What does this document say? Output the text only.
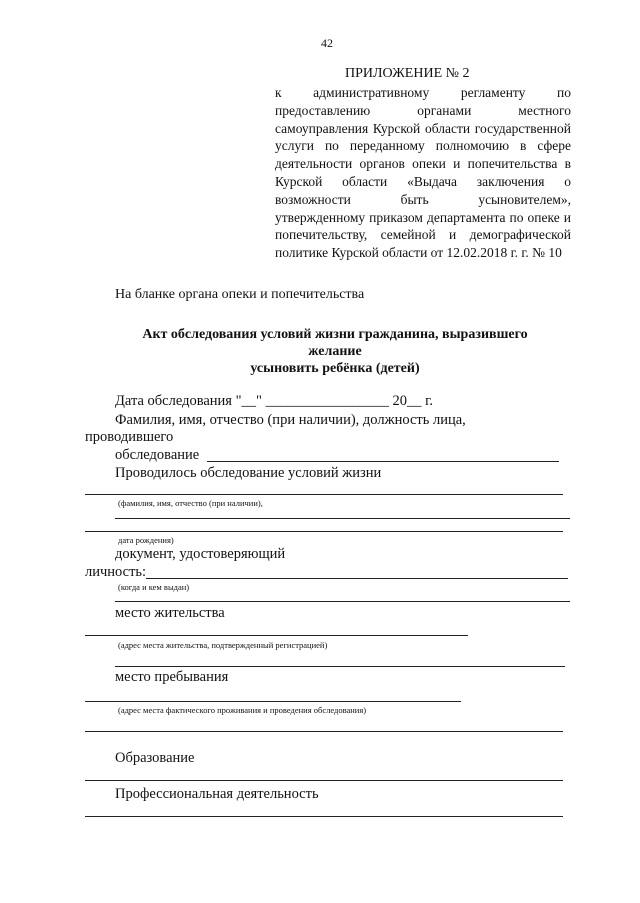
42
ПРИЛОЖЕНИЕ № 2
к административному регламенту по предоставлению органами местного самоуправления Курской области государственной услуги по переданному полномочию в сфере деятельности органов опеки и попечительства в Курской области «Выдача заключения о возможности быть усыновителем», утвержденному приказом департамента по опеке и попечительству, семейной и демографической политике Курской области от 12.02.2018 г. г. № 10
На бланке органа опеки и попечительства
Акт обследования условий жизни гражданина, выразившего
желание
усыновить ребёнка (детей)
Дата обследования "__" _________________ 20__ г.
Фамилия, имя, отчество (при наличии), должность лица,
проводившего
обследование
Проводилось обследование условий жизни
(фамилия, имя, отчество (при наличии),
дата рождения)
документ, удостоверяющий
личность:
(когда и кем выдан)
место жительства
(адрес места жительства, подтвержденный регистрацией)
место пребывания
(адрес места фактического проживания и проведения обследования)
Образование
Профессиональная деятельность
